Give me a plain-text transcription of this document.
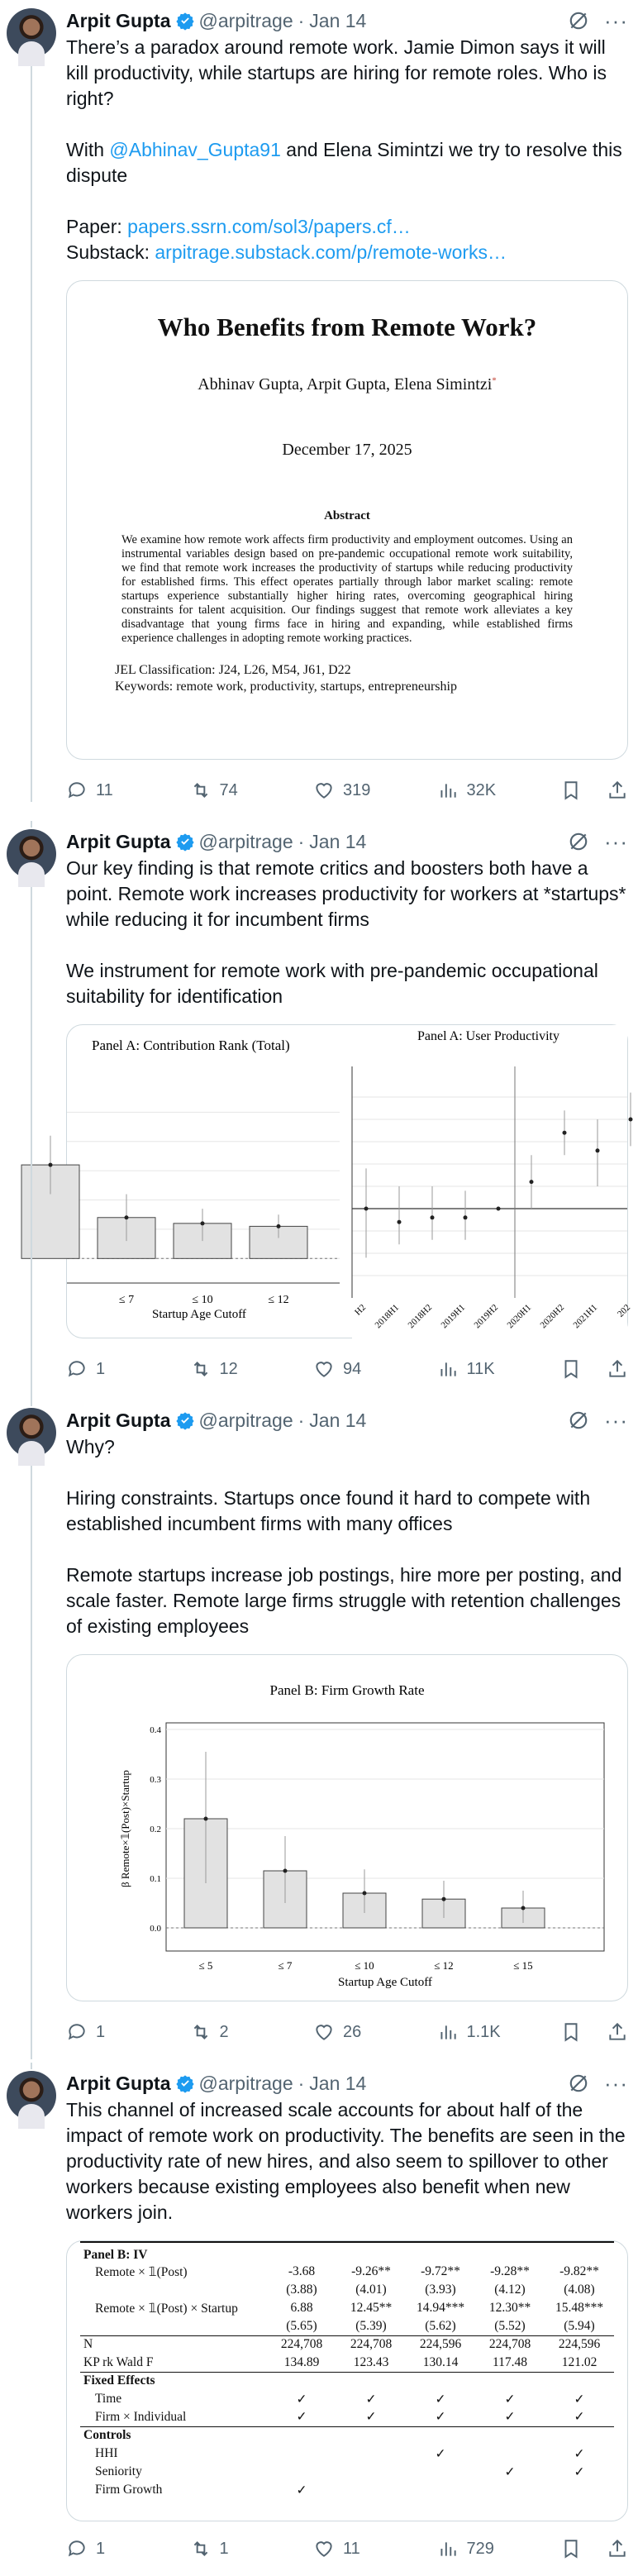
Arpit Gupta @arpitrage · Jan 14	···

There’s a paradox around remote work. Jamie Dimon says it will kill productivity, while startups are hiring for remote roles. Who is right?

With @Abhinav_Gupta91 and Elena Simintzi we try to resolve this dispute

Paper: papers.ssrn.com/sol3/papers.cf…

Substack: arpitrage.substack.com/p/remote-works…

Who Benefits from Remote Work?
Abhinav Gupta, Arpit Gupta, Elena Simintzi*
December 17, 2025
Abstract
We examine how remote work affects firm productivity and employment outcomes. Using an instrumental variables design based on pre-pandemic occupational remote work suitability, we find that remote work increases the productivity of startups while reducing productivity for established firms. This effect operates partially through labor market scaling: remote startups experience substantially higher hiring rates, overcoming geographical hiring constraints for talent acquisition. Our findings suggest that remote work alleviates a key disadvantage that young firms face in hiring and expanding, while established firms experience challenges in adopting remote working practices.
JEL Classification: J24, L26, M54, J61, D22
Keywords: remote work, productivity, startups, entrepreneurship
11	74	319	32K
Arpit Gupta @arpitrage · Jan 14	···

Our key finding is that remote critics and boosters both have a point. Remote work increases productivity for workers at *startups* while reducing it for incumbent firms

We instrument for remote work with pre-pandemic occupational suitability for identification

Panel A: Contribution Rank (Total)
≤ 7	≤ 10	≤ 12
Startup Age Cutoff
Panel A: User Productivity
H2 2018H1 2018H2 2019H1 2019H2 2020H1 2020H2 2021H1 202
1	12	94	11K
Arpit Gupta @arpitrage · Jan 14	···

Why?

Hiring constraints. Startups once found it hard to compete with established incumbent firms with many offices

Remote startups increase job postings, hire more per posting, and scale faster. Remote large firms struggle with retention challenges of existing employees

Panel B: Firm Growth Rate
0.0
0.1
0.2
0.3
0.4
β Remote×𝟙(Post)×Startup
≤ 5	≤ 7	≤ 10	≤ 12	≤ 15
Startup Age Cutoff
1	2	26	1.1K
Arpit Gupta @arpitrage · Jan 14	···

This channel of increased scale accounts for about half of the impact of remote work on productivity. The benefits are seen in the productivity rate of new hires, and also seem to spillover to other workers because existing employees also benefit when new workers join.

Panel B: IV					
Remote × 𝟙(Post)	-3.68	-9.26**	-9.72**	-9.28**	-9.82**
	(3.88)	(4.01)	(3.93)	(4.12)	(4.08)
Remote × 𝟙(Post) × Startup	6.88	12.45**	14.94***	12.30**	15.48***
	(5.65)	(5.39)	(5.62)	(5.52)	(5.94)
N	224,708	224,708	224,596	224,708	224,596
KP rk Wald F	134.89	123.43	130.14	117.48	121.02
Fixed Effects					
Time	✓	✓	✓	✓	✓
Firm × Individual	✓	✓	✓	✓	✓
Controls					
HHI			✓		✓
Seniority				✓	✓
Firm Growth	✓				
1	1	11	729
